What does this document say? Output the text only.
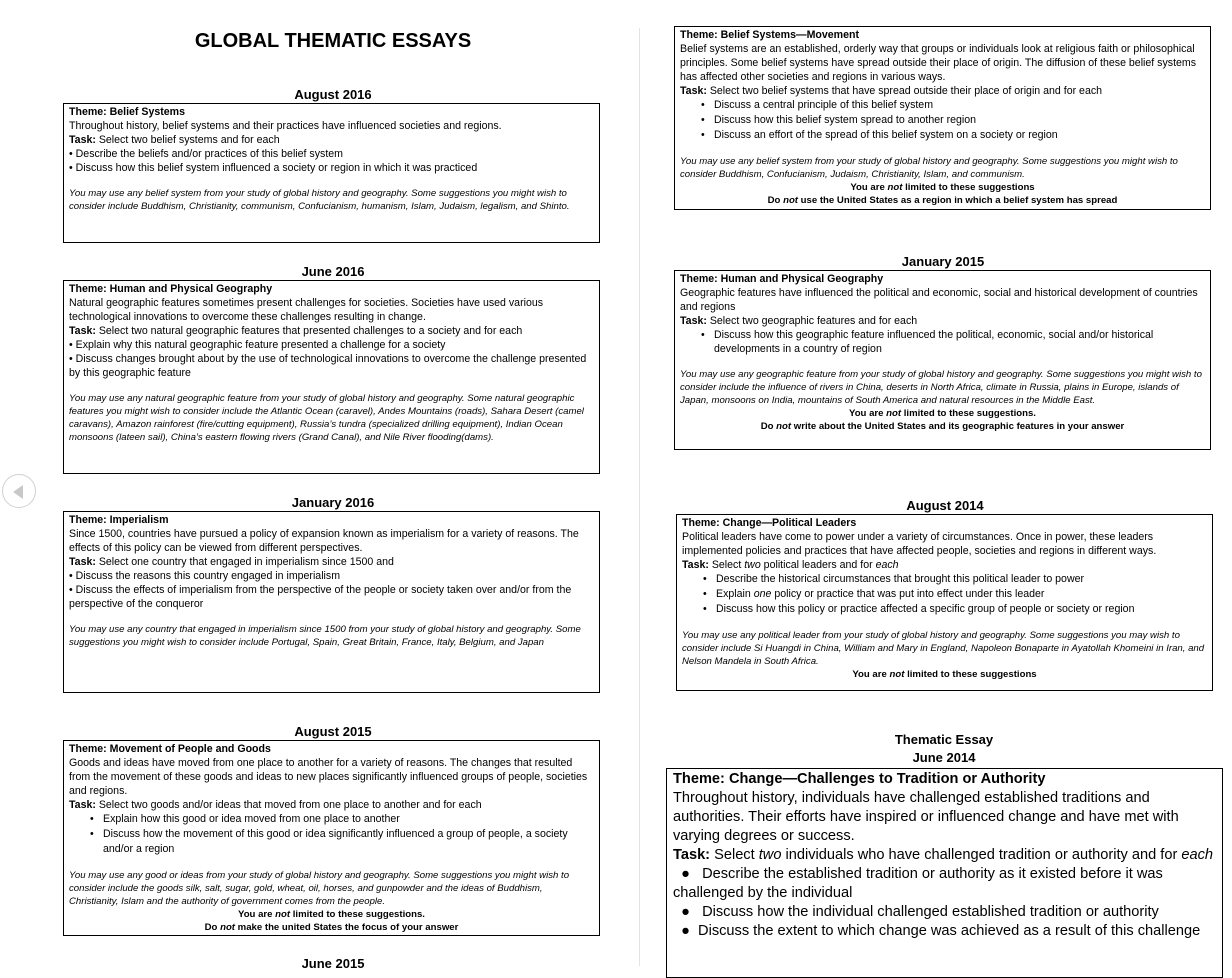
GLOBAL THEMATIC ESSAYS
August 2016

Theme: Belief Systems

Throughout history, belief systems and their practices have influenced societies and regions.

Task: Select two belief systems and for each

• Describe the beliefs and/or practices of this belief system

• Discuss how this belief system influenced a society or region in which it was practiced

You may use any belief system from your study of global history and geography. Some suggestions you might wish to consider include Buddhism, Christianity, communism, Confucianism, humanism, Islam, Judaism, legalism, and Shinto.

June 2016

Theme: Human and Physical Geography

Natural geographic features sometimes present challenges for societies. Societies have used various technological innovations to overcome these challenges resulting in change.

Task: Select two natural geographic features that presented challenges to a society and for each

• Explain why this natural geographic feature presented a challenge for a society

• Discuss changes brought about by the use of technological innovations to overcome the challenge presented by this geographic feature

You may use any natural geographic feature from your study of global history and geography. Some natural geographic features you might wish to consider include the Atlantic Ocean (caravel), Andes Mountains (roads), Sahara Desert (camel caravans), Amazon rainforest (fire/cutting equipment), Russia’s tundra (specialized drilling equipment), Indian Ocean monsoons (lateen sail), China’s eastern flowing rivers (Grand Canal), and Nile River flooding(dams).

January 2016

Theme: Imperialism

Since 1500, countries have pursued a policy of expansion known as imperialism for a variety of reasons. The effects of this policy can be viewed from different perspectives.

Task: Select one country that engaged in imperialism since 1500 and

• Discuss the reasons this country engaged in imperialism

• Discuss the effects of imperialism from the perspective of the people or society taken over and/or from the perspective of the conqueror

You may use any country that engaged in imperialism since 1500 from your study of global history and geography. Some suggestions you might wish to consider include Portugal, Spain, Great Britain, France, Italy, Belgium, and Japan

August 2015

Theme: Movement of People and Goods

Goods and ideas have moved from one place to another for a variety of reasons. The changes that resulted from the movement of these goods and ideas to new places significantly influenced groups of people, societies and regions.

Task: Select two goods and/or ideas that moved from one place to another and for each

• Explain how this good or idea moved from one place to another
• Discuss how the movement of this good or idea significantly influenced a group of people, a society and/or a region

You may use any good or ideas from your study of global history and geography. Some suggestions you might wish to consider include the goods silk, salt, sugar, gold, wheat, oil, horses, and gunpowder and the ideas of Buddhism, Christianity, Islam and the authority of government comes from the people.

You are not limited to these suggestions.

Do not make the united States the focus of your answer

June 2015

Theme: Belief Systems—Movement

Belief systems are an established, orderly way that groups or individuals look at religious faith or philosophical principles. Some belief systems have spread outside their place of origin. The diffusion of these belief systems has affected other societies and regions in various ways.

Task: Select two belief systems that have spread outside their place of origin and for each

• Discuss a central principle of this belief system
• Discuss how this belief system spread to another region
• Discuss an effort of the spread of this belief system on a society or region

You may use any belief system from your study of global history and geography. Some suggestions you might wish to consider Buddhism, Confucianism, Judaism, Christianity, Islam, and communism.

You are not limited to these suggestions

Do not use the United States as a region in which a belief system has spread

January 2015

Theme: Human and Physical Geography

Geographic features have influenced the political and economic, social and historical development of countries and regions

Task: Select two geographic features and for each

• Discuss how this geographic feature influenced the political, economic, social and/or historical developments in a country of region

You may use any geographic feature from your study of global history and geography. Some suggestions you might wish to consider include the influence of rivers in China, deserts in North Africa, climate in Russia, plains in Europe, islands of Japan, monsoons on India, mountains of South America and natural resources in the Middle East.

You are not limited to these suggestions.

Do not write about the United States and its geographic features in your answer

August 2014

Theme: Change—Political Leaders

Political leaders have come to power under a variety of circumstances. Once in power, these leaders implemented policies and practices that have affected people, societies and regions in different ways.

Task: Select two political leaders and for each

• Describe the historical circumstances that brought this political leader to power
• Explain one policy or practice that was put into effect under this leader
• Discuss how this policy or practice affected a specific group of people or society or region

You may use any political leader from your study of global history and geography. Some suggestions you may wish to consider include Si Huangdi in China, William and Mary in England, Napoleon Bonaparte in Ayatollah Khomeini in Iran, and Nelson Mandela in South Africa.

You are not limited to these suggestions

Thematic Essay
June 2014

Theme: Change—Challenges to Tradition or Authority

Throughout history, individuals have challenged established traditions and authorities. Their efforts have inspired or influenced change and have met with varying degrees or success.

Task: Select two individuals who have challenged tradition or authority and for each

●   Describe the established tradition or authority as it existed before it was challenged by the individual

●   Discuss how the individual challenged established tradition or authority

●  Discuss the extent to which change was achieved as a result of this challenge
